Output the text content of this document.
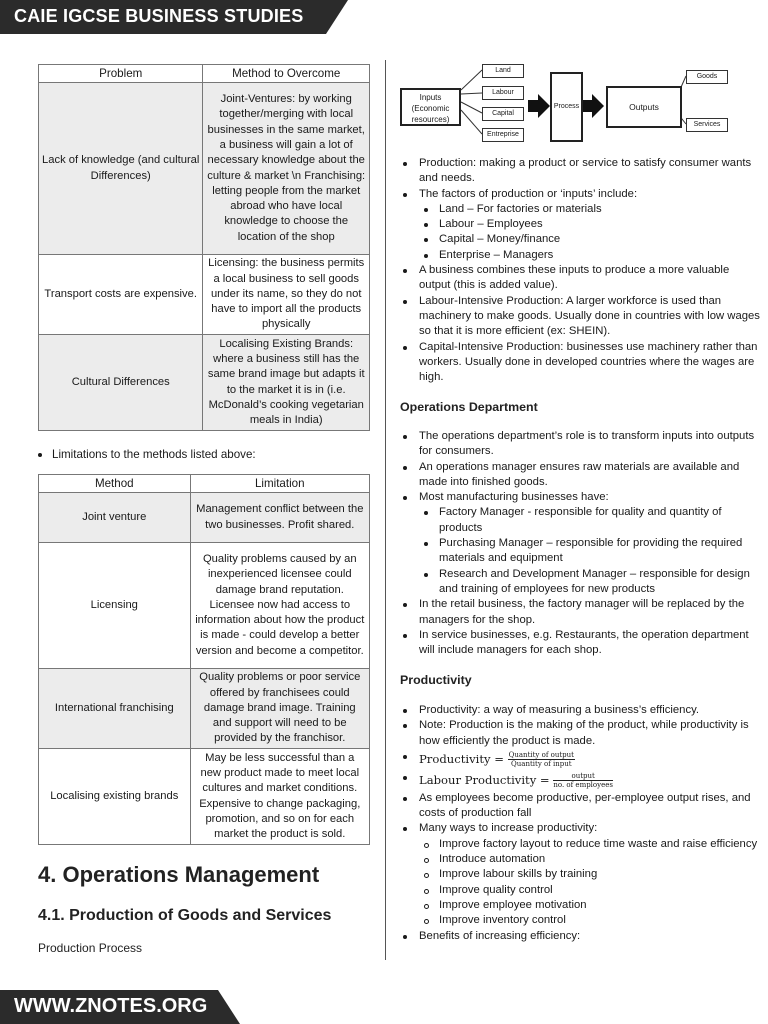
CAIE IGCSE BUSINESS STUDIES
WWW.ZNOTES.ORG
Problem	Method to Overcome
Lack of knowledge (and cultural Differences)	Joint-Ventures: by working together/merging with local businesses in the same market, a business will gain a lot of necessary knowledge about the culture & market \n Franchising: letting people from the market abroad who have local knowledge to choose the location of the shop
Transport costs are expensive.	Licensing: the business permits a local business to sell goods under its name, so they do not have to import all the products physically
Cultural Differences	Localising Existing Brands: where a business still has the same brand image but adapts it to the market it is in (i.e. McDonald’s cooking vegetarian meals in India)
Limitations to the methods listed above:
Method	Limitation
Joint venture	Management conflict between the two businesses. Profit shared.
Licensing	Quality problems caused by an inexperienced licensee could damage brand reputation. Licensee now had access to information about how the product is made - could develop a better version and become a competitor.
International franchising	Quality problems or poor service offered by franchisees could damage brand image. Training and support will need to be provided by the franchisor.
Localising existing brands	May be less successful than a new product made to meet local cultures and market conditions. Expensive to change packaging, promotion, and so on for each market the product is sold.
4. Operations Management
4.1. Production of Goods and Services
Production Process
Inputs
(Economic
resources)
Land
Labour
Capital
Entreprise
Process	Outputs
Goods
Services
Production: making a product or service to satisfy consumer wants and needs.
The factors of production or ‘inputs’ include:
Land – For factories or materials
Labour – Employees
Capital – Money/finance
Enterprise – Managers
A business combines these inputs to produce a more valuable output (this is added value).
Labour-Intensive Production: A larger workforce is used than machinery to make goods. Usually done in countries with low wages so that it is more efficient (ex: SHEIN).
Capital-Intensive Production: businesses use machinery rather than workers. Usually done in developed countries where the wages are high.
Operations Department
The operations department’s role is to transform inputs into outputs for consumers.
An operations manager ensures raw materials are available and made into finished goods.
Most manufacturing businesses have:
Factory Manager - responsible for quality and quantity of products
Purchasing Manager – responsible for providing the required materials and equipment
Research and Development Manager – responsible for design and training of employees for new products
In the retail business, the factory manager will be replaced by the managers for the shop.
In service businesses, e.g. Restaurants, the operation department will include managers for each shop.
Productivity
Productivity: a way of measuring a business’s efficiency.
Note: Production is the making of the product, while productivity is how efficiently the product is made.
Productivity = $\frac{\text{Quantity of output}}{\text{Quantity of input}}$
Labour Productivity = $\frac{\text{output}}{\text{no. of employees}}$
As employees become productive, per-employee output rises, and costs of production fall
Many ways to increase productivity:
Improve factory layout to reduce time waste and raise efficiency
Introduce automation
Improve labour skills by training
Improve quality control
Improve employee motivation
Improve inventory control
Benefits of increasing efficiency:
